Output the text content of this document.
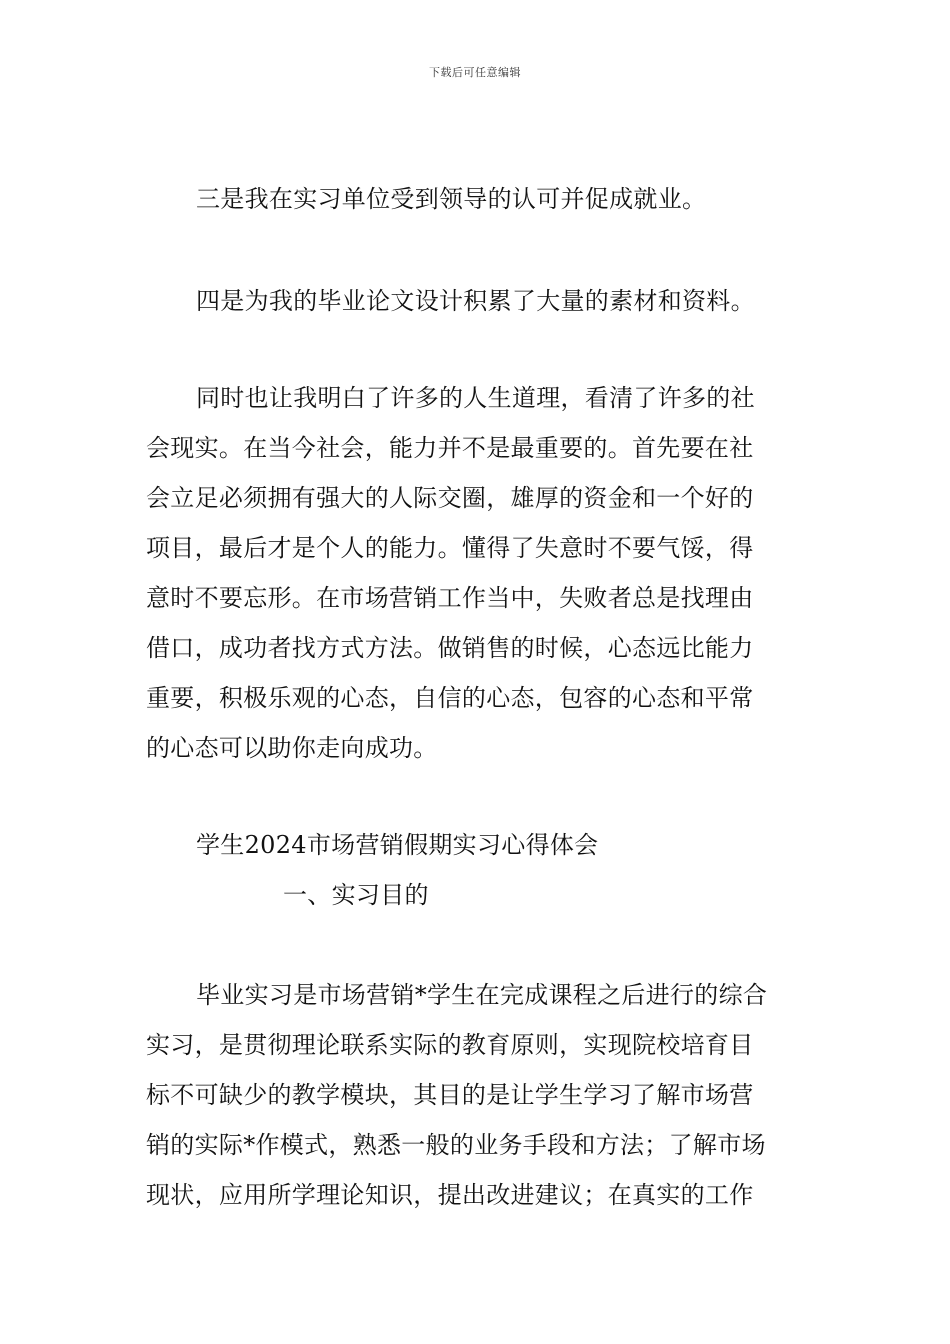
下载后可任意编辑
三是我在实习单位受到领导的认可并促成就业。
四是为我的毕业论文设计积累了大量的素材和资料。
同时也让我明白了许多的人生道理，看清了许多的社
会现实。在当今社会，能力并不是最重要的。首先要在社
会立足必须拥有强大的人际交圈，雄厚的资金和一个好的
项目，最后才是个人的能力。懂得了失意时不要气馁，得
意时不要忘形。在市场营销工作当中，失败者总是找理由
借口，成功者找方式方法。做销售的时候，心态远比能力
重要，积极乐观的心态，自信的心态，包容的心态和平常
的心态可以助你走向成功。
学生2024市场营销假期实习心得体会
一、实习目的
毕业实习是市场营销*学生在完成课程之后进行的综合
实习，是贯彻理论联系实际的教育原则，实现院校培育目
标不可缺少的教学模块，其目的是让学生学习了解市场营
销的实际*作模式，熟悉一般的业务手段和方法；了解市场
现状，应用所学理论知识，提出改进建议；在真实的工作
